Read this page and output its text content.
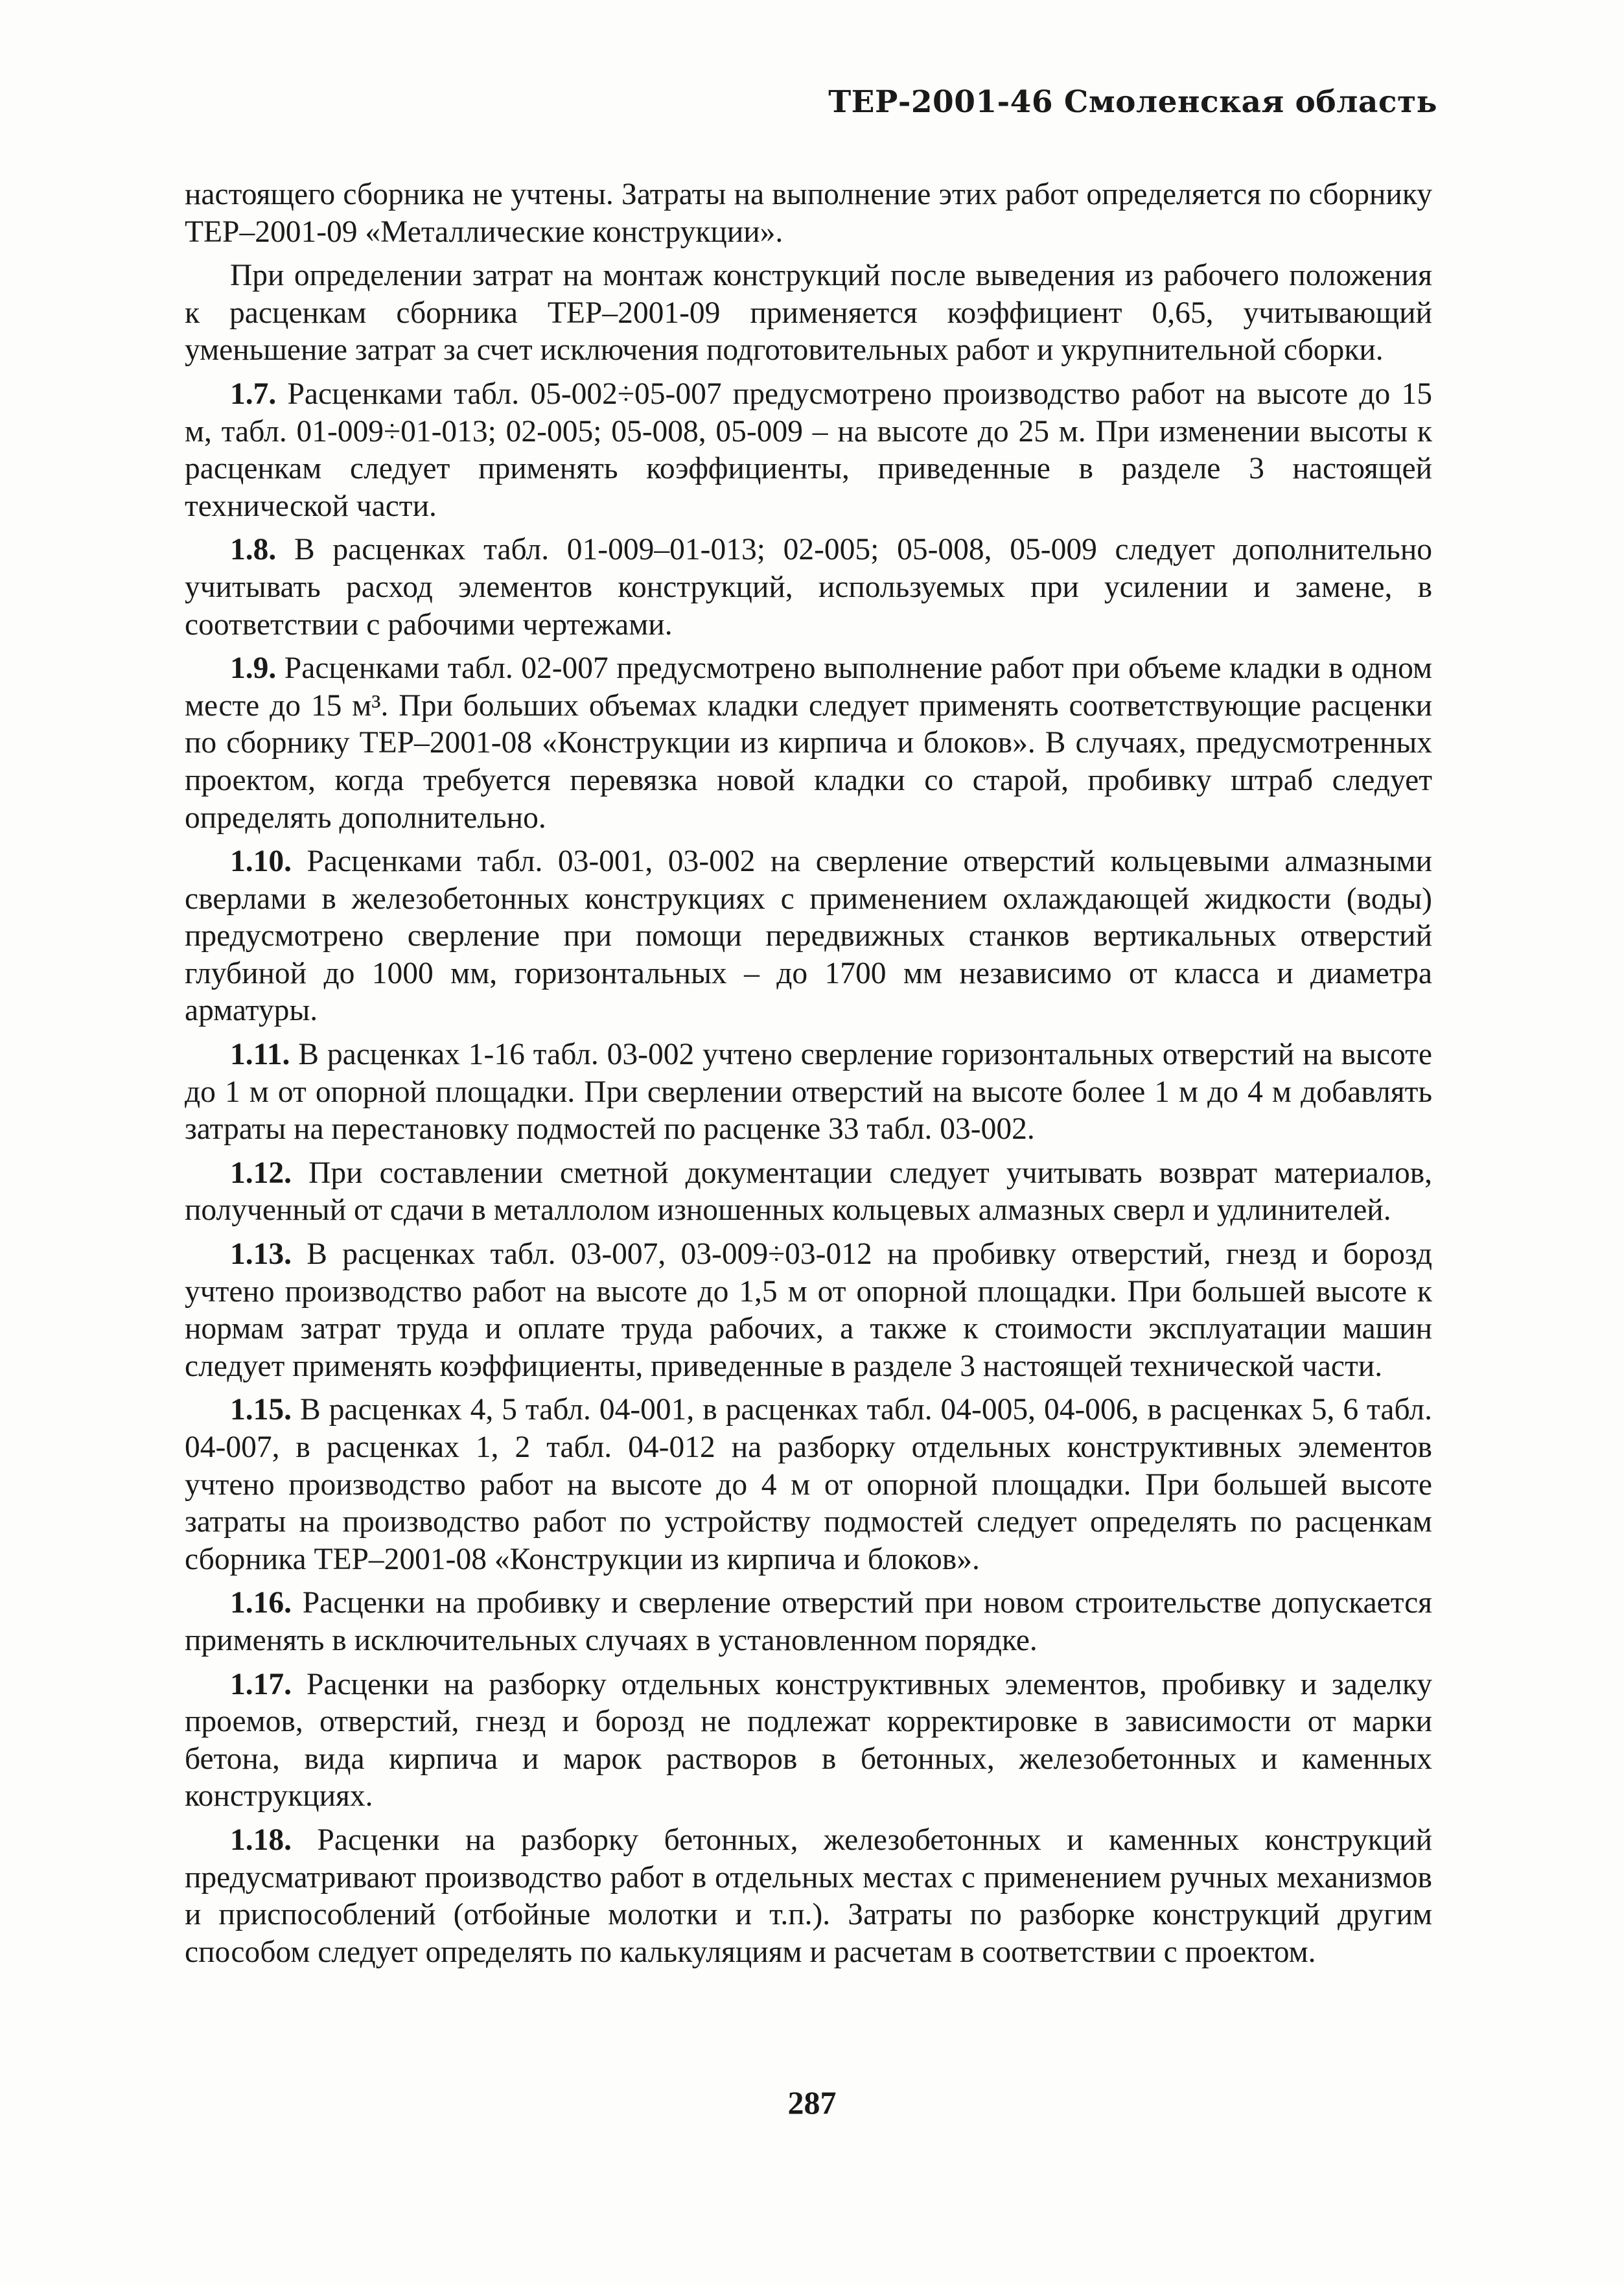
ТЕР-2001-46 Смоленская область

настоящего сборника не учтены. Затраты на выполнение этих работ определяется по сборнику ТЕР–2001-09 «Металлические конструкции».

При определении затрат на монтаж конструкций после выведения из рабочего положения к расценкам сборника ТЕР–2001-09 применяется коэффициент 0,65, учитывающий уменьшение затрат за счет исключения подготовительных работ и укрупнительной сборки.

1.7. Расценками табл. 05-002÷05-007 предусмотрено производство работ на высоте до 15 м, табл. 01-009÷01-013; 02-005; 05-008, 05-009 – на высоте до 25 м. При изменении высоты к расценкам следует применять коэффициенты, приведенные в разделе 3 настоящей технической части.

1.8. В расценках табл. 01-009–01-013; 02-005; 05-008, 05-009 следует дополнительно учитывать расход элементов конструкций, используемых при усилении и замене, в соответствии с рабочими чертежами.

1.9. Расценками табл. 02-007 предусмотрено выполнение работ при объеме кладки в одном месте до 15 м³. При больших объемах кладки следует применять соответствующие расценки по сборнику ТЕР–2001-08 «Конструкции из кирпича и блоков». В случаях, предусмотренных проектом, когда требуется перевязка новой кладки со старой, пробивку штраб следует определять дополнительно.

1.10. Расценками табл. 03-001, 03-002 на сверление отверстий кольцевыми алмазными сверлами в железобетонных конструкциях с применением охлаждающей жидкости (воды) предусмотрено сверление при помощи передвижных станков вертикальных отверстий глубиной до 1000 мм, горизонтальных – до 1700 мм независимо от класса и диаметра арматуры.

1.11. В расценках 1-16 табл. 03-002 учтено сверление горизонтальных отверстий на высоте до 1 м от опорной площадки. При сверлении отверстий на высоте более 1 м до 4 м добавлять затраты на перестановку подмостей по расценке 33 табл. 03-002.

1.12. При составлении сметной документации следует учитывать возврат материалов, полученный от сдачи в металлолом изношенных кольцевых алмазных сверл и удлинителей.

1.13. В расценках табл. 03-007, 03-009÷03-012 на пробивку отверстий, гнезд и борозд учтено производство работ на высоте до 1,5 м от опорной площадки. При большей высоте к нормам затрат труда и оплате труда рабочих, а также к стоимости эксплуатации машин следует применять коэффициенты, приведенные в разделе 3 настоящей технической части.

1.15. В расценках 4, 5 табл. 04-001, в расценках табл. 04-005, 04-006, в расценках 5, 6 табл. 04-007, в расценках 1, 2 табл. 04-012 на разборку отдельных конструктивных элементов учтено производство работ на высоте до 4 м от опорной площадки. При большей высоте затраты на производство работ по устройству подмостей следует определять по расценкам сборника ТЕР–2001-08 «Конструкции из кирпича и блоков».

1.16. Расценки на пробивку и сверление отверстий при новом строительстве допускается применять в исключительных случаях в установленном порядке.

1.17. Расценки на разборку отдельных конструктивных элементов, пробивку и заделку проемов, отверстий, гнезд и борозд не подлежат корректировке в зависимости от марки бетона, вида кирпича и марок растворов в бетонных, железобетонных и каменных конструкциях.

1.18. Расценки на разборку бетонных, железобетонных и каменных конструкций предусматривают производство работ в отдельных местах с применением ручных механизмов и приспособлений (отбойные молотки и т.п.). Затраты по разборке конструкций другим способом следует определять по калькуляциям и расчетам в соответствии с проектом.

287
